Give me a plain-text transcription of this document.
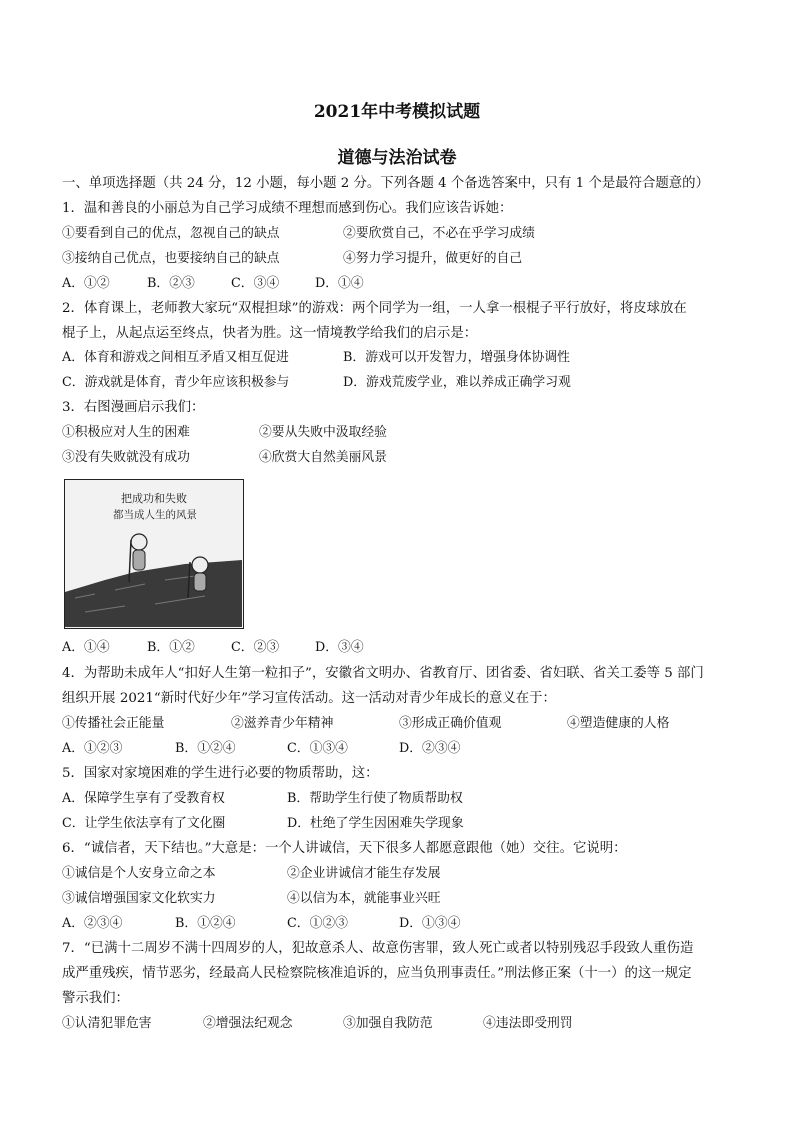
2021年中考模拟试题
道德与法治试卷
一、单项选择题（共 24 分，12 小题，每小题 2 分。下列各题 4 个备选答案中，只有 1 个是最符合题意的）
1．温和善良的小丽总为自己学习成绩不理想而感到伤心。我们应该告诉她：
①要看到自己的优点，忽视自己的缺点	②要欣赏自己，不必在乎学习成绩
③接纳自己优点，也要接纳自己的缺点	④努力学习提升，做更好的自己
A．①②	B．②③	C．③④	D．①④
2．体育课上，老师教大家玩“双棍担球”的游戏：两个同学为一组，一人拿一根棍子平行放好，将皮球放在
棍子上，从起点运至终点，快者为胜。这一情境教学给我们的启示是：
A．体育和游戏之间相互矛盾又相互促进	B．游戏可以开发智力，增强身体协调性
C．游戏就是体育，青少年应该积极参与	D．游戏荒废学业，难以养成正确学习观
3．右图漫画启示我们：
①积极应对人生的困难	②要从失败中汲取经验
③没有失败就没有成功	④欣赏大自然美丽风景
把成功和失败
都当成人生的风景
A．①④	B．①②	C．②③	D．③④
4．为帮助未成年人“扣好人生第一粒扣子”，安徽省文明办、省教育厅、团省委、省妇联、省关工委等 5 部门
组织开展 2021“新时代好少年”学习宣传活动。这一活动对青少年成长的意义在于：
①传播社会正能量	②滋养青少年精神	③形成正确价值观	④塑造健康的人格
A．①②③	B．①②④	C．①③④	D．②③④
5．国家对家境困难的学生进行必要的物质帮助，这：
A．保障学生享有了受教育权	B．帮助学生行使了物质帮助权
C．让学生依法享有了文化圈	D．杜绝了学生因困难失学现象
6．“诚信者，天下结也。”大意是：一个人讲诚信，天下很多人都愿意跟他（她）交往。它说明：
①诚信是个人安身立命之本	②企业讲诚信才能生存发展
③诚信增强国家文化软实力	④以信为本，就能事业兴旺
A．②③④	B．①②④	C．①②③	D．①③④
7．“已满十二周岁不满十四周岁的人，犯故意杀人、故意伤害罪，致人死亡或者以特别残忍手段致人重伤造
成严重残疾，情节恶劣，经最高人民检察院核准追诉的，应当负刑事责任。”刑法修正案（十一）的这一规定
警示我们：
①认清犯罪危害	②增强法纪观念	③加强自我防范	④违法即受刑罚
